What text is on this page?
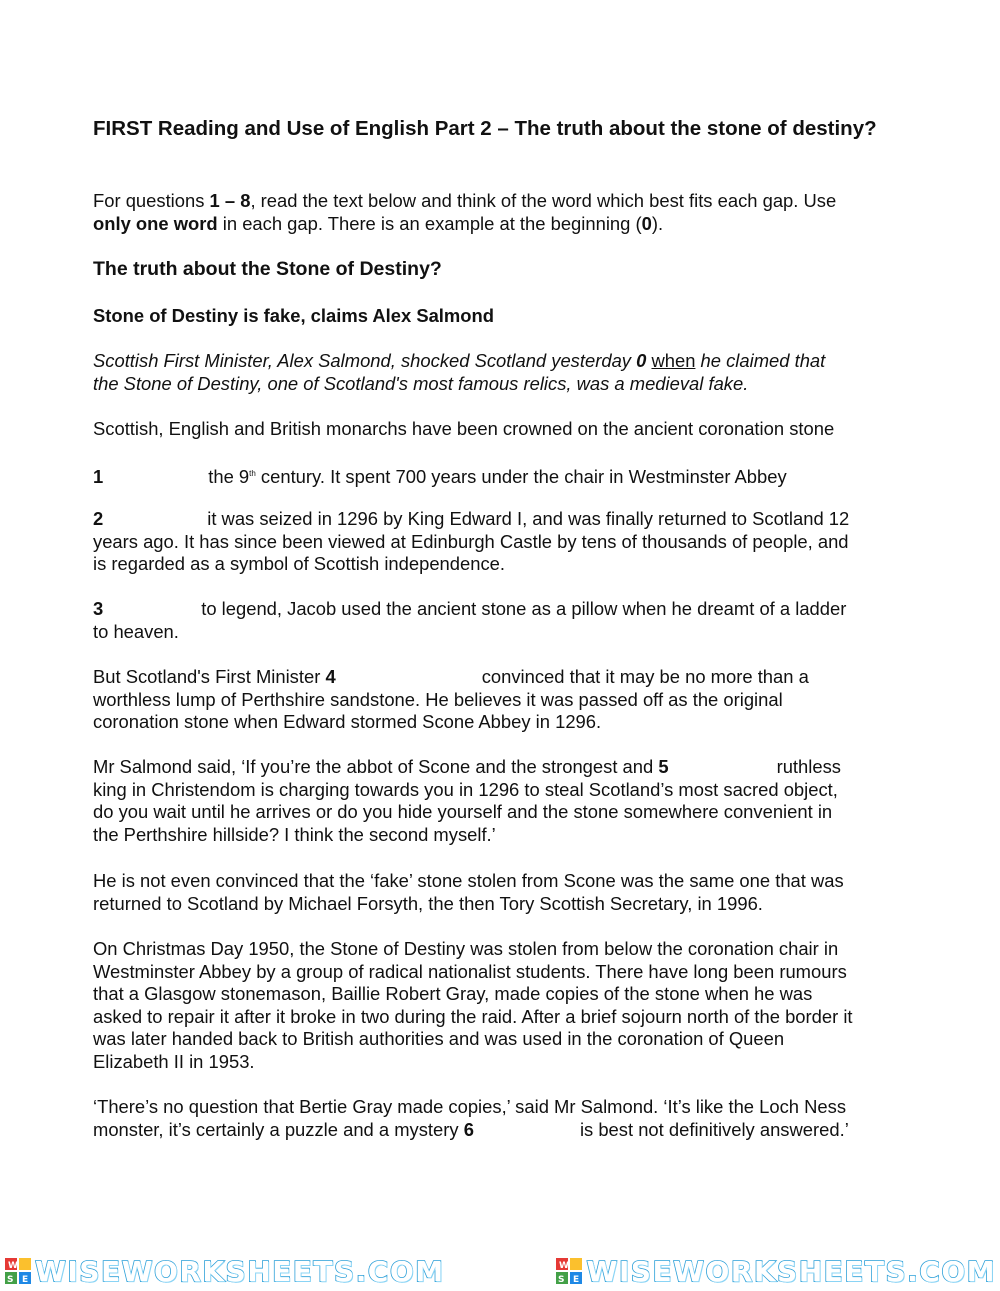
FIRST Reading and Use of English Part 2 – The truth about the stone of destiny?
For questions 1 – 8, read the text below and think of the word which best fits each gap. Use
only one word in each gap. There is an example at the beginning (0).
The truth about the Stone of Destiny?
Stone of Destiny is fake, claims Alex Salmond
Scottish First Minister, Alex Salmond, shocked Scotland yesterday 0 when he claimed that
the Stone of Destiny, one of Scotland's most famous relics, was a medieval fake.
Scottish, English and British monarchs have been crowned on the ancient coronation stone
1	the 9th century. It spent 700 years under the chair in Westminster Abbey
2	it was seized in 1296 by King Edward I, and was finally returned to Scotland 12
years ago. It has since been viewed at Edinburgh Castle by tens of thousands of people, and
is regarded as a symbol of Scottish independence.
3	to legend, Jacob used the ancient stone as a pillow when he dreamt of a ladder
to heaven.
But Scotland's First Minister 4	convinced that it may be no more than a
worthless lump of Perthshire sandstone. He believes it was passed off as the original
coronation stone when Edward stormed Scone Abbey in 1296.
Mr Salmond said, ‘If you’re the abbot of Scone and the strongest and 5	ruthless
king in Christendom is charging towards you in 1296 to steal Scotland’s most sacred object,
do you wait until he arrives or do you hide yourself and the stone somewhere convenient in
the Perthshire hillside? I think the second myself.’
He is not even convinced that the ‘fake’ stone stolen from Scone was the same one that was
returned to Scotland by Michael Forsyth, the then Tory Scottish Secretary, in 1996.
On Christmas Day 1950, the Stone of Destiny was stolen from below the coronation chair in
Westminster Abbey by a group of radical nationalist students. There have long been rumours
that a Glasgow stonemason, Baillie Robert Gray, made copies of the stone when he was
asked to repair it after it broke in two during the raid. After a brief sojourn north of the border it
was later handed back to British authorities and was used in the coronation of Queen
Elizabeth II in 1953.
‘There’s no question that Bertie Gray made copies,’ said Mr Salmond. ‘It’s like the Loch Ness
monster, it’s certainly a puzzle and a mystery 6	is best not definitively answered.’
W
S E WISEWORKSHEETS.COM	W
S E WISEWORKSHEETS.COM
